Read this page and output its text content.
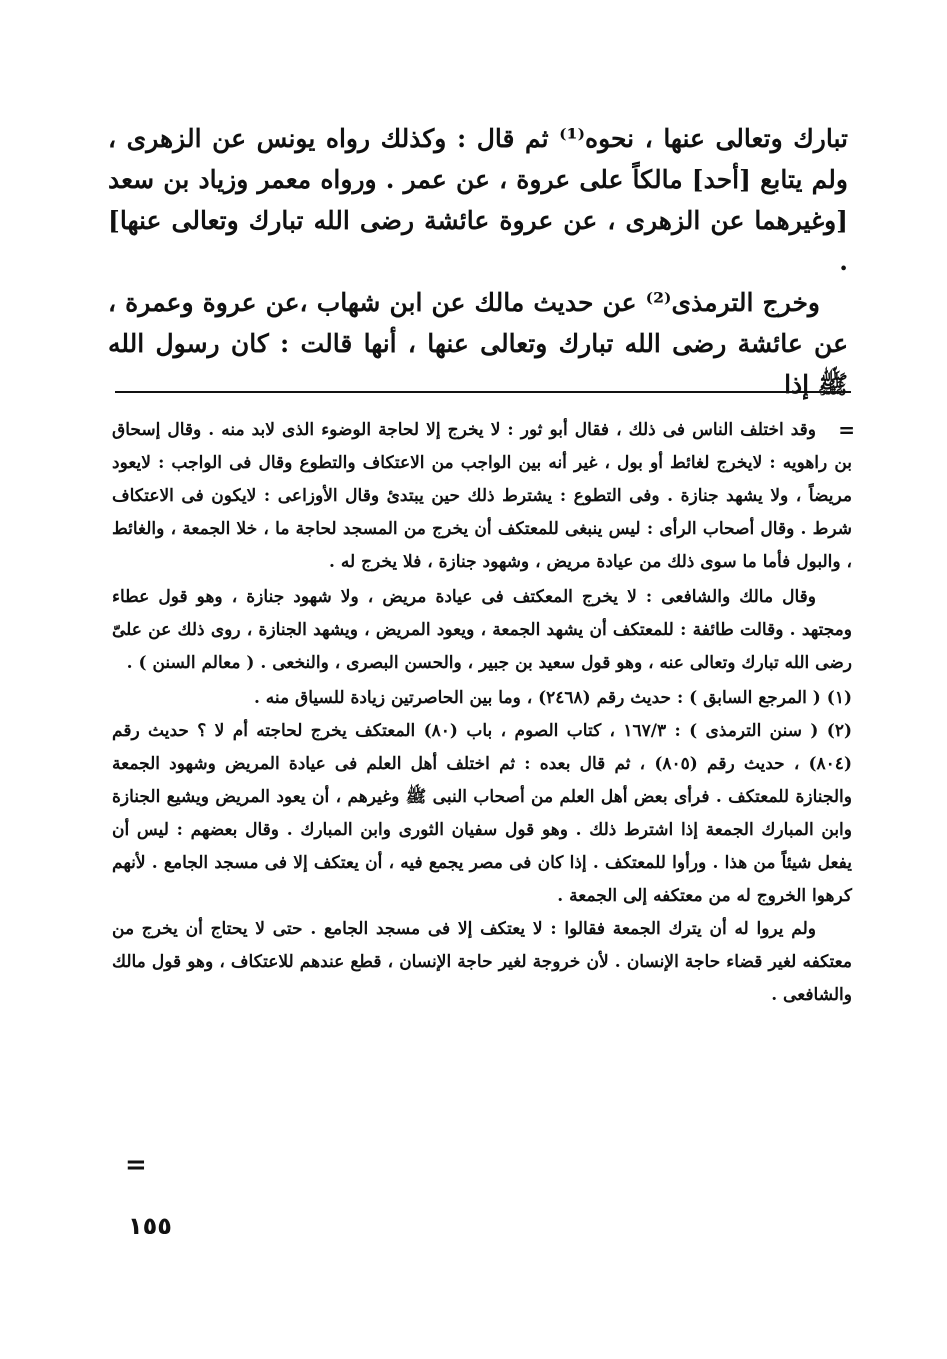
تبارك وتعالى عنها ، نحوه⁽¹⁾ ثم قال : وكذلك رواه يونس عن الزهرى ، ولم يتابع [أحد] مالكاً على عروة ، عن عمر . ورواه معمر وزياد بن سعد [وغيرهما عن الزهرى ، عن عروة عائشة رضى الله تبارك وتعالى عنها] .

وخرج الترمذى⁽²⁾ عن حديث مالك عن ابن شهاب ،عن عروة وعمرة ، عن عائشة رضى الله تبارك وتعالى عنها ، أنها قالت : كان رسول الله ﷺ إذا

=

وقد اختلف الناس فى ذلك ، فقال أبو ثور : لا يخرج إلا لحاجة الوضوء الذى لابد منه . وقال إسحاق بن راهويه : لايخرج لغائط أو بول ، غير أنه بين الواجب من الاعتكاف والتطوع وقال فى الواجب : لايعود مريضاً ، ولا يشهد جنازة . وفى التطوع : يشترط ذلك حين يبتدئ وقال الأوزاعى : لايكون فى الاعتكاف شرط . وقال أصحاب الرأى : ليس ينبغى للمعتكف أن يخرج من المسجد لحاجة ما ، خلا الجمعة ، والغائط ، والبول فأما ما سوى ذلك من عيادة مريض ، وشهود جنازة ، فلا يخرج له .

وقال مالك والشافعى : لا يخرج المعكتف فى عيادة مريض ، ولا شهود جنازة ، وهو قول عطاء ومجتهد . وقالت طائفة : للمعتكف أن يشهد الجمعة ، ويعود المريض ، ويشهد الجنازة ، روى ذلك عن علىّ رضى الله تبارك وتعالى عنه ، وهو قول سعيد بن جبير ، والحسن البصرى ، والنخعى . ( معالم السنن ) .

(١) ( المرجع السابق ) : حديث رقم (٢٤٦٨) ، وما بين الحاصرتين زيادة للسياق منه .

(٢) ( سنن الترمذى ) : ١٦٧/٣ ، كتاب الصوم ، باب (٨٠) المعتكف يخرج لحاجته أم لا ؟ حديث رقم (٨٠٤) ، حديث رقم (٨٠٥) ، ثم قال بعده : ثم اختلف أهل العلم فى عيادة المريض وشهود الجمعة والجنازة للمعتكف . فرأى بعض أهل العلم من أصحاب النبى ﷺ وغيرهم ، أن يعود المريض ويشيع الجنازة وابن المبارك الجمعة إذا اشترط ذلك . وهو قول سفيان الثورى وابن المبارك . وقال بعضهم : ليس أن يفعل شيئاً من هذا . ورأوا للمعتكف . إذا كان فى مصر يجمع فيه ، أن يعتكف إلا فى مسجد الجامع . لأنهم كرهوا الخروج له من معتكفه إلى الجمعة .

ولم يروا له أن يترك الجمعة فقالوا : لا يعتكف إلا فى مسجد الجامع . حتى لا يحتاج أن يخرج من معتكفه لغير قضاء حاجة الإنسان . لأن خروجة لغير حاجة الإنسان ، قطع عندهم للاعتكاف ، وهو قول مالك والشافعى .

=
١٥٥
